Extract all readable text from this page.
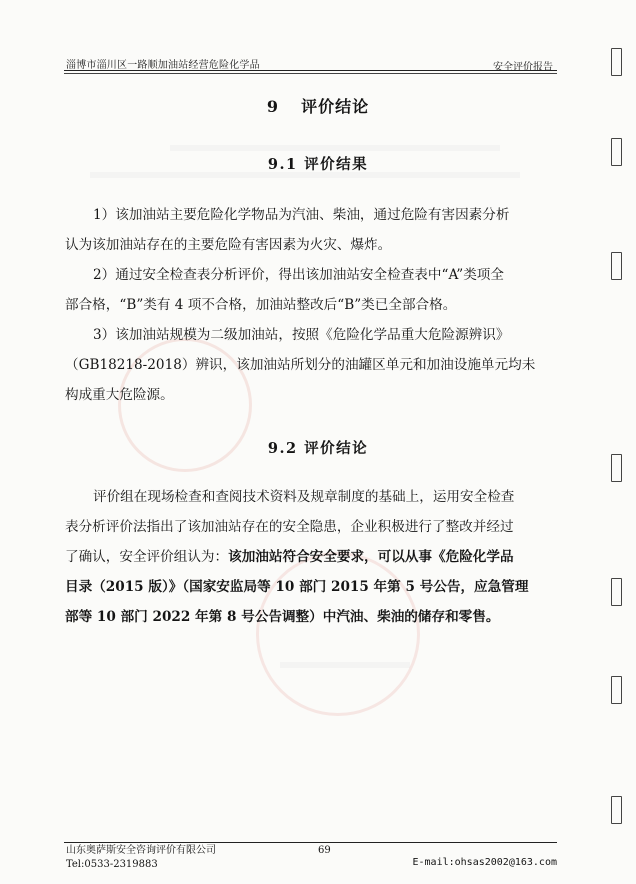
淄博市淄川区一路顺加油站经营危险化学品	安全评价报告
9 评价结论
9.1 评价结果
1）该加油站主要危险化学物品为汽油、柴油，通过危险有害因素分析
认为该加油站存在的主要危险有害因素为火灾、爆炸。
2）通过安全检查表分析评价，得出该加油站安全检查表中“A”类项全
部合格，“B”类有 4 项不合格，加油站整改后“B”类已全部合格。
3）该加油站规模为二级加油站，按照《危险化学品重大危险源辨识》
（GB18218-2018）辨识，该加油站所划分的油罐区单元和加油设施单元均未
构成重大危险源。
9.2 评价结论
评价组在现场检查和查阅技术资料及规章制度的基础上，运用安全检查
表分析评价法指出了该加油站存在的安全隐患，企业积极进行了整改并经过
了确认，安全评价组认为：该加油站符合安全要求，可以从事《危险化学品
目录（2015 版）》（国家安监局等 10 部门 2015 年第 5 号公告，应急管理
部等 10 部门 2022 年第 8 号公告调整）中汽油、柴油的储存和零售。
山东奥萨斯安全咨询评价有限公司
Tel:0533-2319883
69
E-mail:ohsas2002@163.com
